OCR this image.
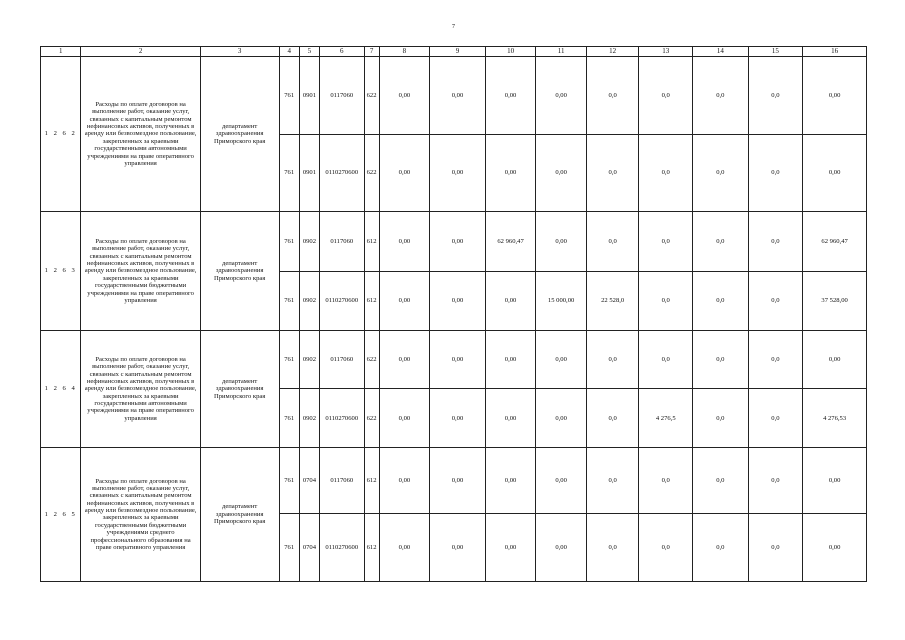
7
1	2	3	4	5	6	7	8	9	10	11	12	13	14	15	16
1 2 6 2	Расходы по оплате договоров на выполнение работ, оказание услуг, связанных с капитальным ремонтом нефинансовых активов, полученных в аренду или безвозмездное пользование, закрепленных за краевыми государственными автономными учреждениями на праве оперативного управления	департамент здравоохранения Приморского края	761	0901	0117060	622	0,00	0,00	0,00	0,00	0,0	0,0	0,0	0,0	0,00
			761	0901	0110270600	622	0,00	0,00	0,00	0,00	0,0	0,0	0,0	0,0	0,00
1 2 6 3	Расходы по оплате договоров на выполнение работ, оказание услуг, связанных с капитальным ремонтом нефинансовых активов, полученных в аренду или безвозмездное пользование, закрепленных за краевыми государственными бюджетными учреждениями на праве оперативного управления	департамент здравоохранения Приморского края	761	0902	0117060	612	0,00	0,00	62 960,47	0,00	0,0	0,0	0,0	0,0	62 960,47
			761	0902	0110270600	612	0,00	0,00	0,00	15 000,00	22 528,0	0,0	0,0	0,0	37 528,00
1 2 6 4	Расходы по оплате договоров на выполнение работ, оказание услуг, связанных с капитальным ремонтом нефинансовых активов, полученных в аренду или безвозмездное пользование, закрепленных за краевыми государственными автономными учреждениями на праве оперативного управления	департамент здравоохранения Приморского края	761	0902	0117060	622	0,00	0,00	0,00	0,00	0,0	0,0	0,0	0,0	0,00
			761	0902	0110270600	622	0,00	0,00	0,00	0,00	0,0	4 276,5	0,0	0,0	4 276,53
1 2 6 5	Расходы по оплате договоров на выполнение работ, оказание услуг, связанных с капитальным ремонтом нефинансовых активов, полученных в аренду или безвозмездное пользование, закрепленных за краевыми государственными бюджетными учреждениями среднего профессионального образования на праве оперативного управления	департамент здравоохранения Приморского края	761	0704	0117060	612	0,00	0,00	0,00	0,00	0,0	0,0	0,0	0,0	0,00
			761	0704	0110270600	612	0,00	0,00	0,00	0,00	0,0	0,0	0,0	0,0	0,00
